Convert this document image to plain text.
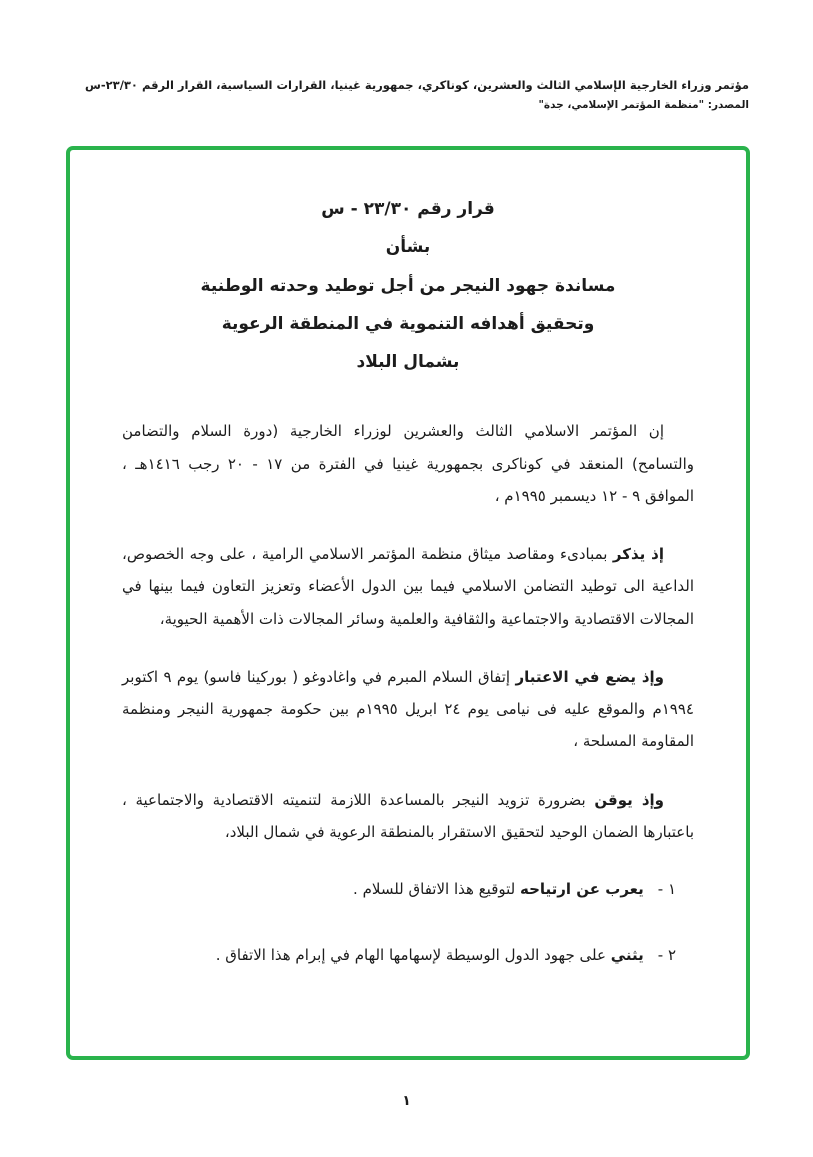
مؤتمر وزراء الخارجية الإسلامي الثالث والعشرين، كوناكري، جمهورية غينيا، القرارات السياسية، القرار الرقم ٢٣/٣٠-س
المصدر: "منظمة المؤتمر الإسلامي، جدة"
قرار رقم ٢٣/٣٠ - س
بشأن
مساندة جهود النيجر من أجل توطيد وحدته الوطنية
وتحقيق أهدافه التنموية في المنطقة الرعوية
بشمال البلاد

إن المؤتمر الاسلامي الثالث والعشرين لوزراء الخارجية (دورة السلام والتضامن والتسامح) المنعقد في كوناكرى بجمهورية غينيا في الفترة من ١٧ - ٢٠ رجب ١٤١٦هـ ، الموافق ٩ - ١٢ ديسمبر ١٩٩٥م ،

إذ يذكر بمبادىء ومقاصد ميثاق منظمة المؤتمر الاسلامي الرامية ، على وجه الخصوص، الداعية الى توطيد التضامن الاسلامي فيما بين الدول الأعضاء وتعزيز التعاون فيما بينها في المجالات الاقتصادية والاجتماعية والثقافية والعلمية وسائر المجالات ذات الأهمية الحيوية،

وإذ يضع في الاعتبار إتفاق السلام المبرم في واغادوغو ( بوركينا فاسو) يوم ٩ اكتوبر ١٩٩٤م والموقع عليه فى نيامى يوم ٢٤ ابريل ١٩٩٥م بين حكومة جمهورية النيجر ومنظمة المقاومة المسلحة ،

وإذ يوقن بضرورة تزويد النيجر بالمساعدة اللازمة لتنميته الاقتصادية والاجتماعية ، باعتبارها الضمان الوحيد لتحقيق الاستقرار بالمنطقة الرعوية في شمال البلاد،

١ -
يعرب عن ارتياحه لتوقيع هذا الاتفاق للسلام .
٢ -
يثني على جهود الدول الوسيطة لإسهامها الهام في إبرام هذا الاتفاق .
١
